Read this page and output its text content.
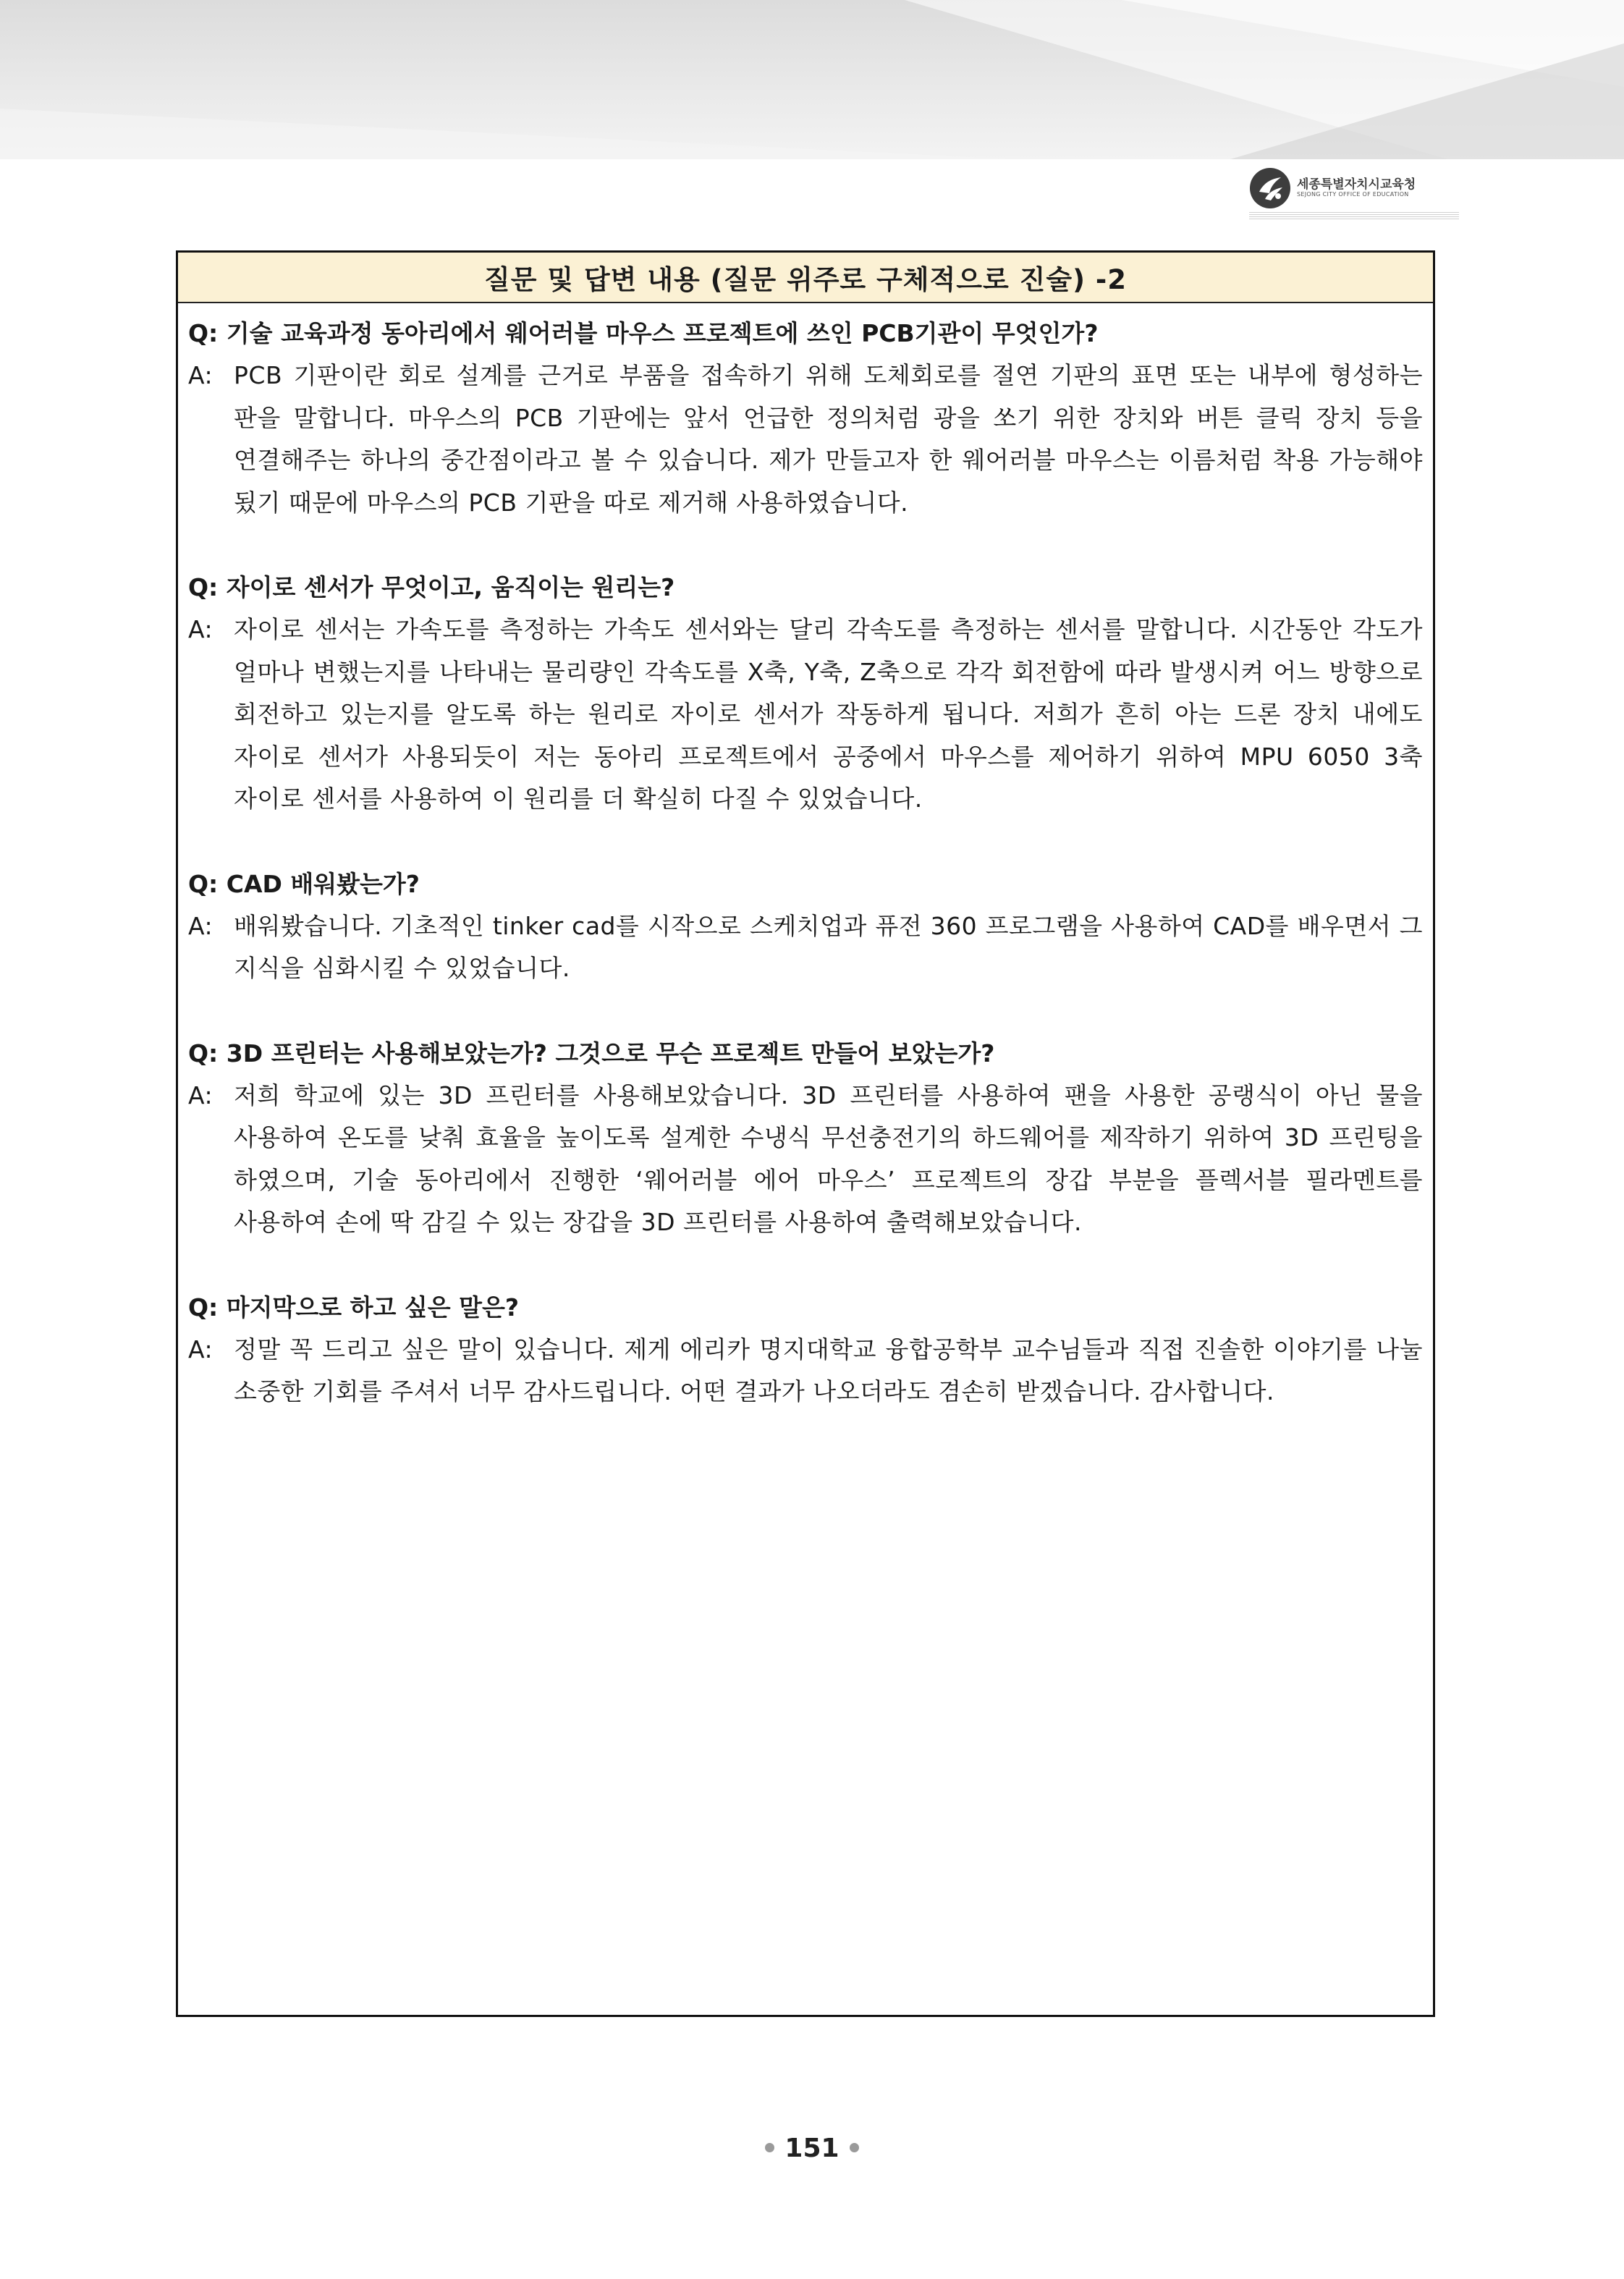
세종특별자치시교육청
SEJONG CITY OFFICE OF EDUCATION
질문 및 답변 내용 (질문 위주로 구체적으로 진술) -2
Q: 기술 교육과정 동아리에서 웨어러블 마우스 프로젝트에 쓰인 PCB기관이 무엇인가?
A: PCB 기판이란 회로 설계를 근거로 부품을 접속하기 위해 도체회로를 절연 기판의 표면 또는 내부에 형성하는 판을 말합니다. 마우스의 PCB 기판에는 앞서 언급한 정의처럼 광을 쏘기 위한 장치와 버튼 클릭 장치 등을 연결해주는 하나의 중간점이라고 볼 수 있습니다. 제가 만들고자 한 웨어러블 마우스는 이름처럼 착용 가능해야 됬기 때문에 마우스의 PCB 기판을 따로 제거해 사용하였습니다.
Q: 자이로 센서가 무엇이고, 움직이는 원리는?
A: 자이로 센서는 가속도를 측정하는 가속도 센서와는 달리 각속도를 측정하는 센서를 말합니다. 시간동안 각도가 얼마나 변했는지를 나타내는 물리량인 각속도를 X축, Y축, Z축으로 각각 회전함에 따라 발생시켜 어느 방향으로 회전하고 있는지를 알도록 하는 원리로 자이로 센서가 작동하게 됩니다. 저희가 흔히 아는 드론 장치 내에도 자이로 센서가 사용되듯이 저는 동아리 프로젝트에서 공중에서 마우스를 제어하기 위하여 MPU 6050 3축 자이로 센서를 사용하여 이 원리를 더 확실히 다질 수 있었습니다.
Q: CAD 배워봤는가?
A: 배워봤습니다. 기초적인 tinker cad를 시작으로 스케치업과 퓨전 360 프로그램을 사용하여 CAD를 배우면서 그 지식을 심화시킬 수 있었습니다.
Q: 3D 프린터는 사용해보았는가? 그것으로 무슨 프로젝트 만들어 보았는가?
A: 저희 학교에 있는 3D 프린터를 사용해보았습니다. 3D 프린터를 사용하여 팬을 사용한 공랭식이 아닌 물을 사용하여 온도를 낮춰 효율을 높이도록 설계한 수냉식 무선충전기의 하드웨어를 제작하기 위하여 3D 프린팅을 하였으며, 기술 동아리에서 진행한 ‘웨어러블 에어 마우스’ 프로젝트의 장갑 부분을 플렉서블 필라멘트를 사용하여 손에 딱 감길 수 있는 장갑을 3D 프린터를 사용하여 출력해보았습니다.
Q: 마지막으로 하고 싶은 말은?
A: 정말 꼭 드리고 싶은 말이 있습니다. 제게 에리카 명지대학교 융합공학부 교수님들과 직접 진솔한 이야기를 나눌 소중한 기회를 주셔서 너무 감사드립니다. 어떤 결과가 나오더라도 겸손히 받겠습니다. 감사합니다.
151
